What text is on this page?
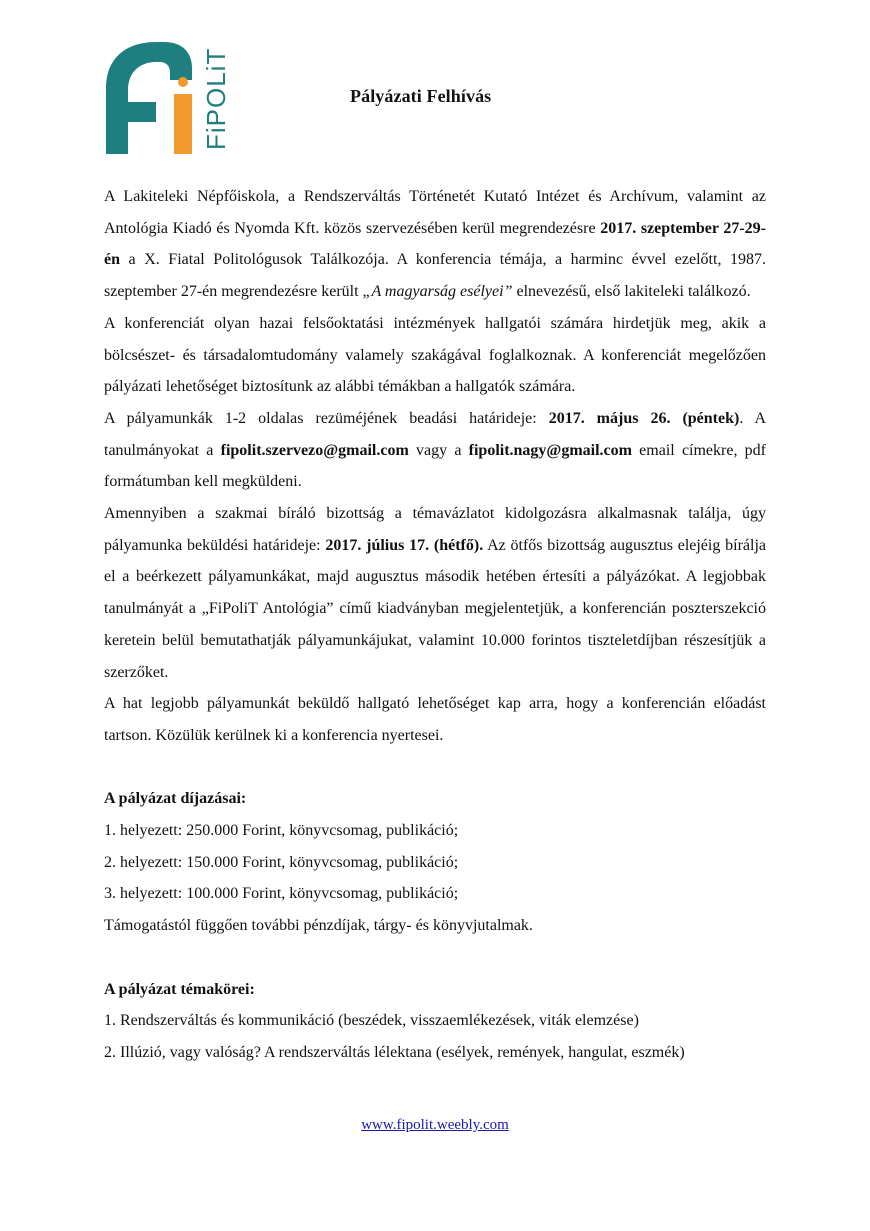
FiPOLiT	Pályázati Felhívás

A Lakiteleki Népfőiskola, a Rendszerváltás Történetét Kutató Intézet és Archívum, valamint az Antológia Kiadó és Nyomda Kft. közös szervezésében kerül megrendezésre 2017. szeptember 27-29-én a X. Fiatal Politológusok Találkozója. A konferencia témája, a harminc évvel ezelőtt, 1987. szeptember 27-én megrendezésre került „A magyarság esélyei” elnevezésű, első lakiteleki találkozó.

A konferenciát olyan hazai felsőoktatási intézmények hallgatói számára hirdetjük meg, akik a bölcsészet- és társadalomtudomány valamely szakágával foglalkoznak. A konferenciát megelőzően pályázati lehetőséget biztosítunk az alábbi témákban a hallgatók számára.

A pályamunkák 1-2 oldalas rezüméjének beadási határideje: 2017. május 26. (péntek). A tanulmányokat a fipolit.szervezo@gmail.com vagy a fipolit.nagy@gmail.com email címekre, pdf formátumban kell megküldeni.

Amennyiben a szakmai bíráló bizottság a témavázlatot kidolgozásra alkalmasnak találja, úgy pályamunka beküldési határideje: 2017. július 17. (hétfő). Az ötfős bizottság augusztus elejéig bírálja el a beérkezett pályamunkákat, majd augusztus második hetében értesíti a pályázókat. A legjobbak tanulmányát a „FiPoliT Antológia” című kiadványban megjelentetjük, a konferencián poszterszekció keretein belül bemutathatják pályamunkájukat, valamint 10.000 forintos tiszteletdíjban részesítjük a szerzőket.

A hat legjobb pályamunkát beküldő hallgató lehetőséget kap arra, hogy a konferencián előadást tartson. Közülük kerülnek ki a konferencia nyertesei.

A pályázat díjazásai:

1. helyezett: 250.000 Forint, könyvcsomag, publikáció;

2. helyezett: 150.000 Forint, könyvcsomag, publikáció;

3. helyezett: 100.000 Forint, könyvcsomag, publikáció;

Támogatástól függően további pénzdíjak, tárgy- és könyvjutalmak.

A pályázat témakörei:

1. Rendszerváltás és kommunikáció (beszédek, visszaemlékezések, viták elemzése)

2. Illúzió, vagy valóság? A rendszerváltás lélektana (esélyek, remények, hangulat, eszmék)

www.fipolit.weebly.com
